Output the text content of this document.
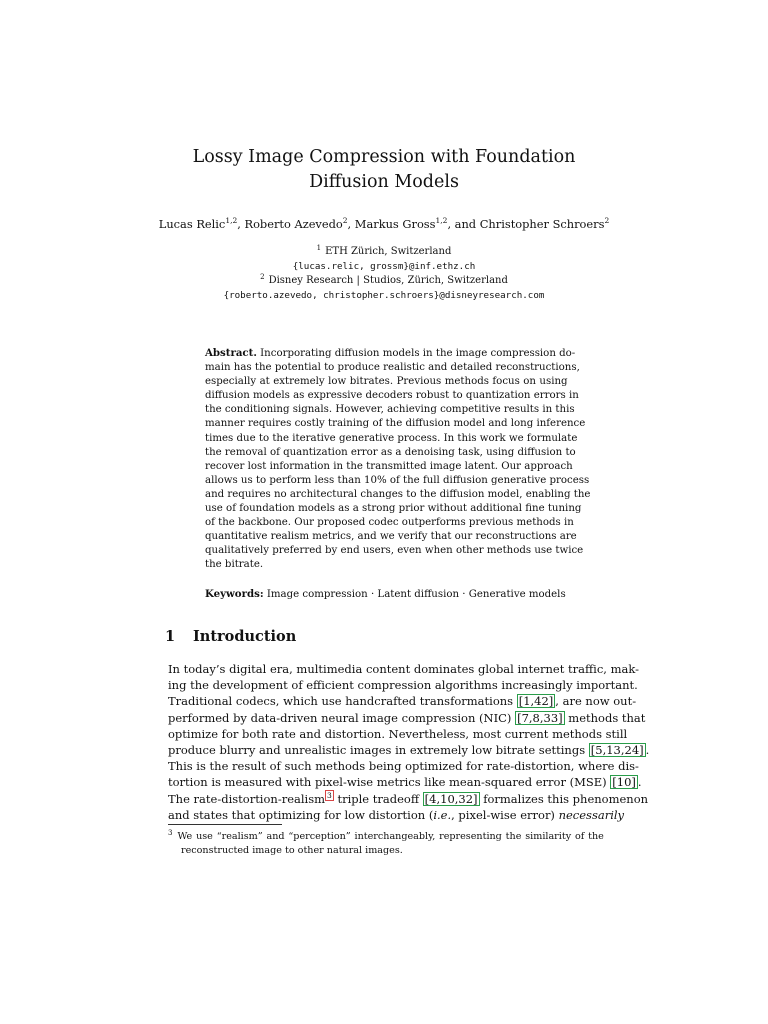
Lossy Image Compression with Foundation
Diffusion Models
Lucas Relic$^{1,2}$, Roberto Azevedo$^2$, Markus Gross$^{1,2}$, and Christopher Schroers$^2$
$^1$ ETH Zürich, Switzerland
{lucas.relic, grossm}@inf.ethz.ch
$^2$ Disney Research | Studios, Zürich, Switzerland
{roberto.azevedo, christopher.schroers}@disneyresearch.com
Abstract. Incorporating diffusion models in the image compression do-
main has the potential to produce realistic and detailed reconstructions,
especially at extremely low bitrates. Previous methods focus on using
diffusion models as expressive decoders robust to quantization errors in
the conditioning signals. However, achieving competitive results in this
manner requires costly training of the diffusion model and long inference
times due to the iterative generative process. In this work we formulate
the removal of quantization error as a denoising task, using diffusion to
recover lost information in the transmitted image latent. Our approach
allows us to perform less than 10% of the full diffusion generative process
and requires no architectural changes to the diffusion model, enabling the
use of foundation models as a strong prior without additional fine tuning
of the backbone. Our proposed codec outperforms previous methods in
quantitative realism metrics, and we verify that our reconstructions are
qualitatively preferred by end users, even when other methods use twice
the bitrate.
Keywords: Image compression · Latent diffusion · Generative models
1 Introduction
In today’s digital era, multimedia content dominates global internet traffic, mak-
ing the development of efficient compression algorithms increasingly important.
Traditional codecs, which use handcrafted transformations [1,42] , are now out-
performed by data-driven neural image compression (NIC) [7,8,33] methods that
optimize for both rate and distortion. Nevertheless, most current methods still
produce blurry and unrealistic images in extremely low bitrate settings [5,13,24] .
This is the result of such methods being optimized for rate-distortion, where dis-
tortion is measured with pixel-wise metrics like mean-squared error (MSE) [10] .
The rate-distortion-realism $^3$ triple tradeoff [4,10,32] formalizes this phenomenon
and states that optimizing for low distortion (i.e., pixel-wise error) necessarily
$^3$ We use “realism” and “perception” interchangeably, representing the similarity of the
reconstructed image to other natural images.
